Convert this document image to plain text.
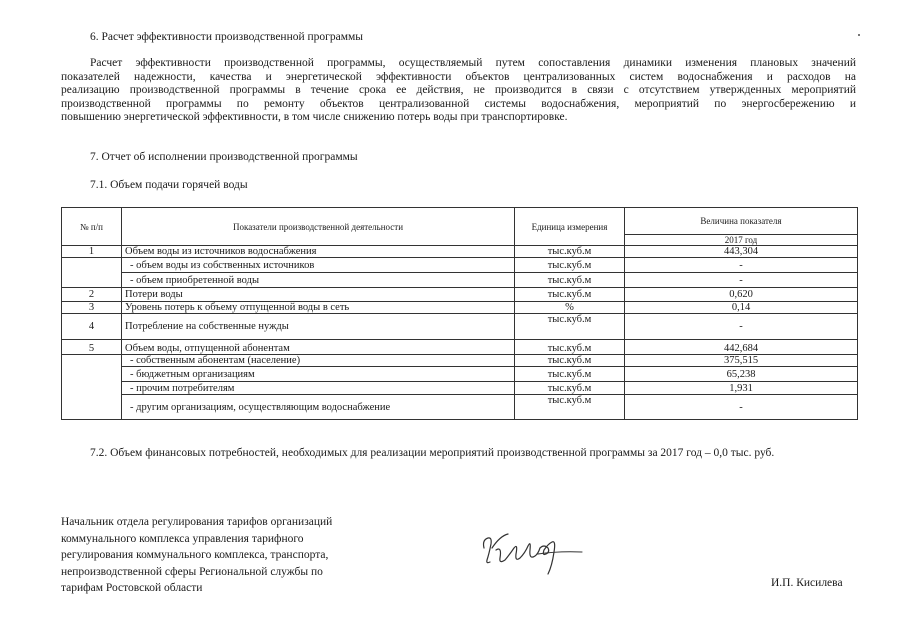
6. Расчет эффективности производственной программы
Расчет эффективности производственной программы, осуществляемый путем сопоставления динамики изменения плановых значений
показателей надежности, качества и энергетической эффективности объектов централизованных систем водоснабжения и расходов на
реализацию производственной программы в течение срока ее действия, не производится в связи с отсутствием утвержденных мероприятий
производственной программы по ремонту объектов централизованной системы водоснабжения, мероприятий по энергосбережению и
повышению энергетической эффективности, в том числе снижению потерь воды при транспортировке.
7. Отчет об исполнении производственной программы
7.1. Объем подачи горячей воды
№ п/п	Показатели производственной деятельности	Единица измерения	Величина показателя
			2017 год
1	Объем воды из источников водоснабжения	тыс.куб.м	443,304
	- объем воды из собственных источников	тыс.куб.м	-
	- объем приобретенной воды	тыс.куб.м	-
2	Потери воды	тыс.куб.м	0,620
3	Уровень потерь к объему отпущенной воды в сеть	%	0,14
4	Потребление на собственные нужды	тыс.куб.м	-
5	Объем воды, отпущенной абонентам	тыс.куб.м	442,684
	- собственным абонентам (население)	тыс.куб.м	375,515
	- бюджетным организациям	тыс.куб.м	65,238
	- прочим потребителям	тыс.куб.м	1,931
	- другим организациям, осуществляющим водоснабжение	тыс.куб.м	-
7.2. Объем финансовых потребностей, необходимых для реализации мероприятий производственной программы за 2017 год – 0,0 тыс. руб.
Начальник отдела регулирования тарифов организаций
коммунального комплекса управления тарифного
регулирования коммунального комплекса, транспорта,
непроизводственной сферы Региональной службы по
тарифам Ростовской области	И.П. Кисилева
